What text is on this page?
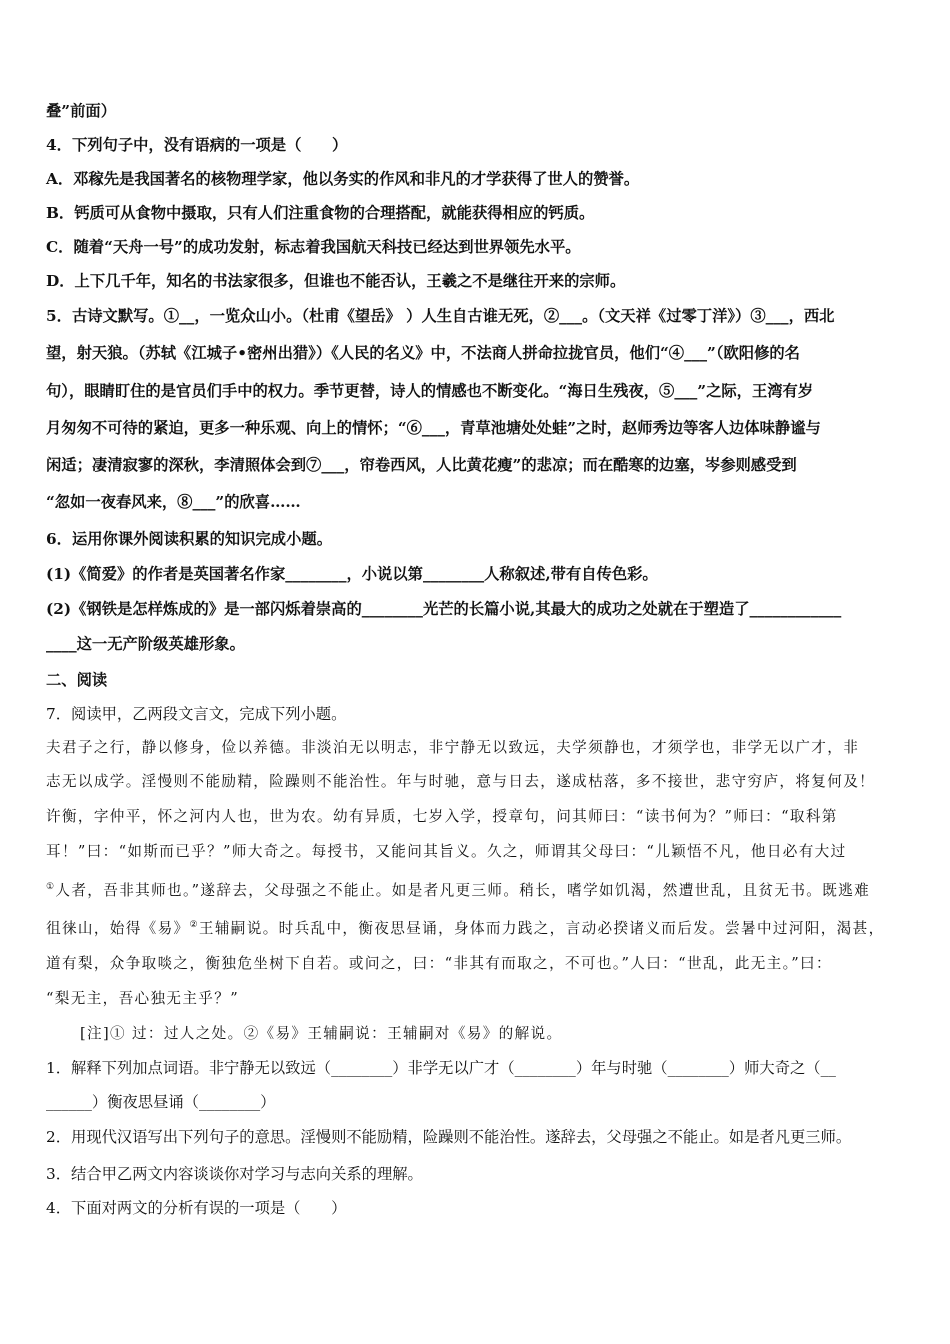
叠”前面）

4．下列句子中，没有语病的一项是（　　）

A．邓稼先是我国著名的核物理学家，他以务实的作风和非凡的才学获得了世人的赞誉。

B．钙质可从食物中摄取，只有人们注重食物的合理搭配，就能获得相应的钙质。

C．随着“天舟一号”的成功发射，标志着我国航天科技已经达到世界领先水平。

D．上下几千年，知名的书法家很多，但谁也不能否认，王羲之不是继往开来的宗师。

5．古诗文默写。①__，一览众山小。（杜甫《望岳》 ）人生自古谁无死，②___。（文天祥《过零丁洋》）③___，西北

望，射天狼。（苏轼《江城子•密州出猎》）《人民的名义》中，不法商人拼命拉拢官员，他们“④___”（欧阳修的名

句），眼睛盯住的是官员们手中的权力。季节更替，诗人的情感也不断变化。“海日生残夜，⑤___”之际，王湾有岁

月匆匆不可待的紧迫，更多一种乐观、向上的情怀；“⑥___，青草池塘处处蛙”之时，赵师秀边等客人边体味静谧与

闲适；凄清寂寥的深秋，李清照体会到⑦___，帘卷西风，人比黄花瘦”的悲凉；而在酷寒的边塞，岑参则感受到

“忽如一夜春风来，⑧___”的欣喜……

6．运用你课外阅读积累的知识完成小题。

(1)《简爱》的作者是英国著名作家________，小说以第________人称叙述,带有自传色彩。

(2)《钢铁是怎样炼成的》是一部闪烁着崇高的________光芒的长篇小说,其最大的成功之处就在于塑造了____________

____这一无产阶级英雄形象。

二、阅读

7．阅读甲，乙两段文言文，完成下列小题。

夫君子之行，静以修身，俭以养德。非淡泊无以明志，非宁静无以致远，夫学须静也，才须学也，非学无以广才，非

志无以成学。淫慢则不能励精，险躁则不能治性。年与时驰，意与日去，遂成枯落，多不接世，悲守穷庐，将复何及！

许衡，字仲平，怀之河内人也，世为农。幼有异质，七岁入学，授章句，问其师曰：“读书何为？”师曰：“取科第

耳！”曰：“如斯而已乎？”师大奇之。每授书，又能问其旨义。久之，师谓其父母曰：“儿颖悟不凡，他日必有大过

①人者，吾非其师也。”遂辞去，父母强之不能止。如是者凡更三师。稍长，嗜学如饥渴，然遭世乱，且贫无书。既逃难

徂徕山，始得《易》②王辅嗣说。时兵乱中，衡夜思昼诵，身体而力践之，言动必揆诸义而后发。尝暑中过河阳，渴甚，

道有梨，众争取啖之，衡独危坐树下自若。或问之，曰：“非其有而取之，不可也。”人曰：“世乱，此无主。”曰：

“梨无主，吾心独无主乎？”

[注]① 过：过人之处。②《易》王辅嗣说：王辅嗣对《易》的解说。

1．解释下列加点词语。非宁静无以致远（________）非学无以广才（________）年与时驰（________）师大奇之（__

______）衡夜思昼诵（________）

2．用现代汉语写出下列句子的意思。淫慢则不能励精，险躁则不能治性。遂辞去，父母强之不能止。如是者凡更三师。

3．结合甲乙两文内容谈谈你对学习与志向关系的理解。

4．下面对两文的分析有误的一项是（　　）
